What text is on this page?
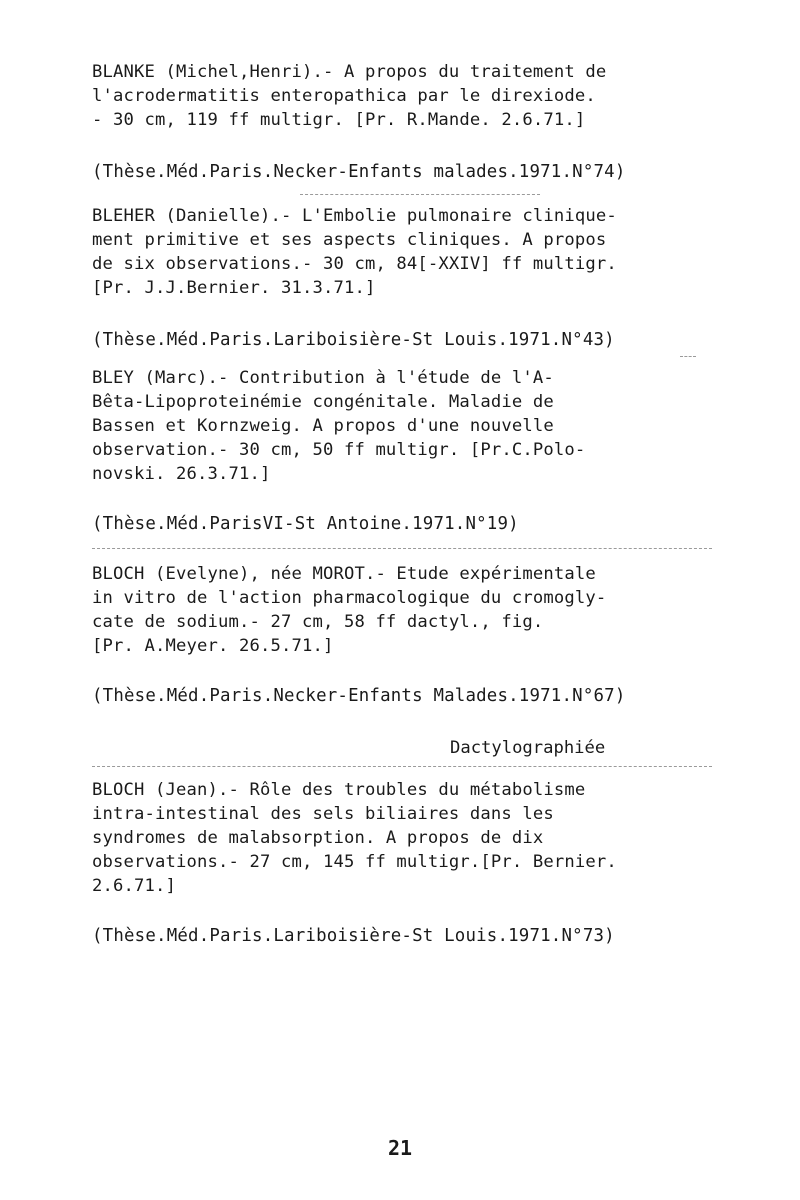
BLANKE (Michel,Henri).- A propos du traitement de
l'acrodermatitis enteropathica par le direxiode.
- 30 cm, 119 ff multigr. [Pr. R.Mande. 2.6.71.]
(Thèse.Méd.Paris.Necker-Enfants malades.1971.N°74)
BLEHER (Danielle).- L'Embolie pulmonaire clinique-
ment primitive et ses aspects cliniques. A propos
de six observations.- 30 cm, 84[-XXIV] ff multigr.
[Pr. J.J.Bernier. 31.3.71.]
(Thèse.Méd.Paris.Lariboisière-St Louis.1971.N°43)
BLEY (Marc).- Contribution à l'étude de l'A-
Bêta-Lipoproteinémie congénitale. Maladie de
Bassen et Kornzweig. A propos d'une nouvelle
observation.- 30 cm, 50 ff multigr. [Pr.C.Polo-
novski. 26.3.71.]
(Thèse.Méd.ParisVI-St Antoine.1971.N°19)
BLOCH (Evelyne), née MOROT.- Etude expérimentale
in vitro de l'action pharmacologique du cromogly-
cate de sodium.- 27 cm, 58 ff dactyl., fig.
[Pr. A.Meyer. 26.5.71.]
(Thèse.Méd.Paris.Necker-Enfants Malades.1971.N°67)
Dactylographiée
BLOCH (Jean).- Rôle des troubles du métabolisme
intra-intestinal des sels biliaires dans les
syndromes de malabsorption. A propos de dix
observations.- 27 cm, 145 ff multigr.[Pr. Bernier.
2.6.71.]
(Thèse.Méd.Paris.Lariboisière-St Louis.1971.N°73)
21
